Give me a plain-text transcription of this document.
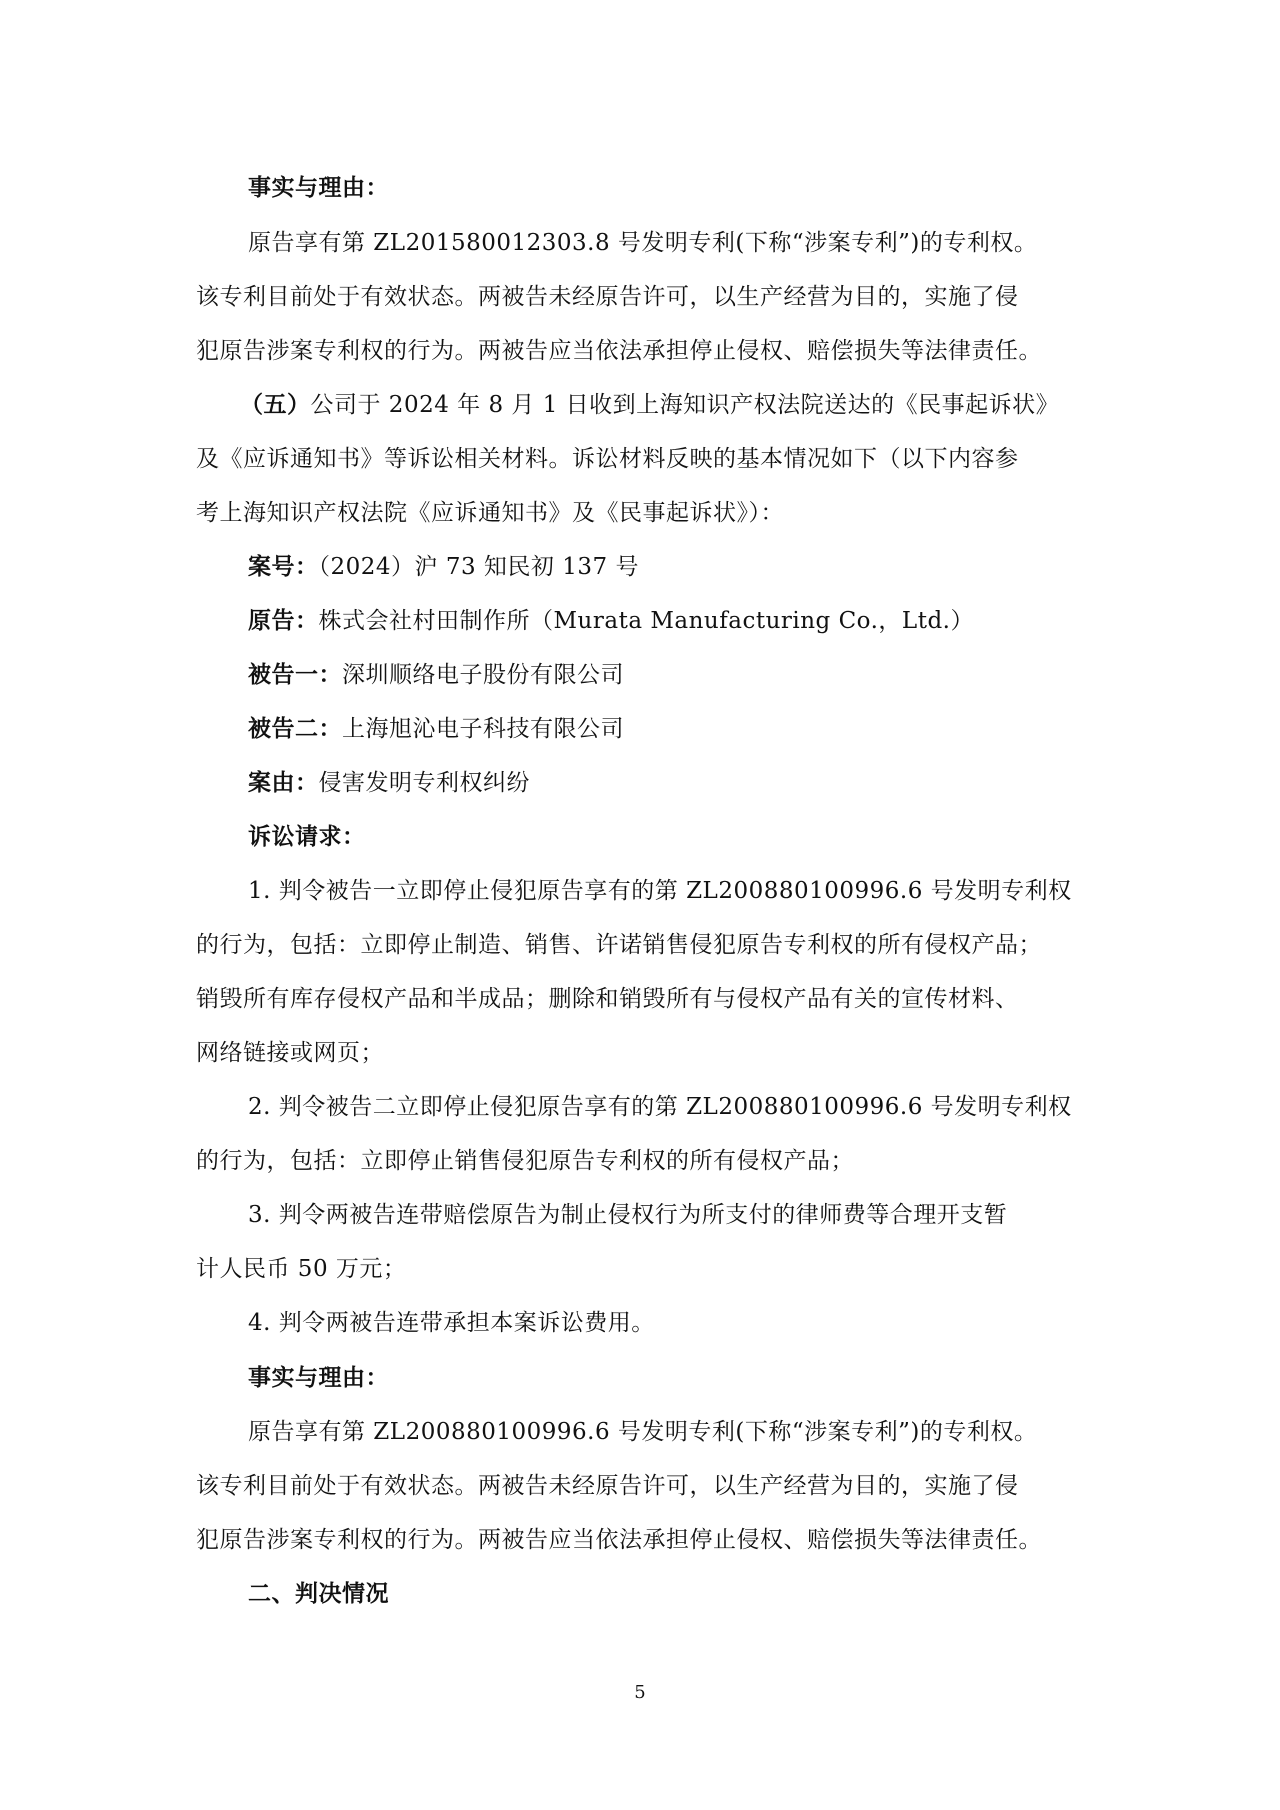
事实与理由：
原告享有第 ZL201580012303.8 号发明专利(下称“涉案专利”)的专利权。
该专利目前处于有效状态。两被告未经原告许可，以生产经营为目的，实施了侵
犯原告涉案专利权的行为。两被告应当依法承担停止侵权、赔偿损失等法律责任。
（五）公司于 2024 年 8 月 1 日收到上海知识产权法院送达的《民事起诉状》
及《应诉通知书》等诉讼相关材料。诉讼材料反映的基本情况如下（以下内容参
考上海知识产权法院《应诉通知书》及《民事起诉状》）：
案号：（2024）沪 73 知民初 137 号
原告：株式会社村田制作所（Murata Manufacturing Co.，Ltd.）
被告一：深圳顺络电子股份有限公司
被告二：上海旭沁电子科技有限公司
案由：侵害发明专利权纠纷
诉讼请求：
1. 判令被告一立即停止侵犯原告享有的第 ZL200880100996.6 号发明专利权
的行为，包括：立即停止制造、销售、许诺销售侵犯原告专利权的所有侵权产品；
销毁所有库存侵权产品和半成品；删除和销毁所有与侵权产品有关的宣传材料、
网络链接或网页；
2. 判令被告二立即停止侵犯原告享有的第 ZL200880100996.6 号发明专利权
的行为，包括：立即停止销售侵犯原告专利权的所有侵权产品；
3. 判令两被告连带赔偿原告为制止侵权行为所支付的律师费等合理开支暂
计人民币 50 万元；
4. 判令两被告连带承担本案诉讼费用。
事实与理由：
原告享有第 ZL200880100996.6 号发明专利(下称“涉案专利”)的专利权。
该专利目前处于有效状态。两被告未经原告许可，以生产经营为目的，实施了侵
犯原告涉案专利权的行为。两被告应当依法承担停止侵权、赔偿损失等法律责任。
二、判决情况
5
